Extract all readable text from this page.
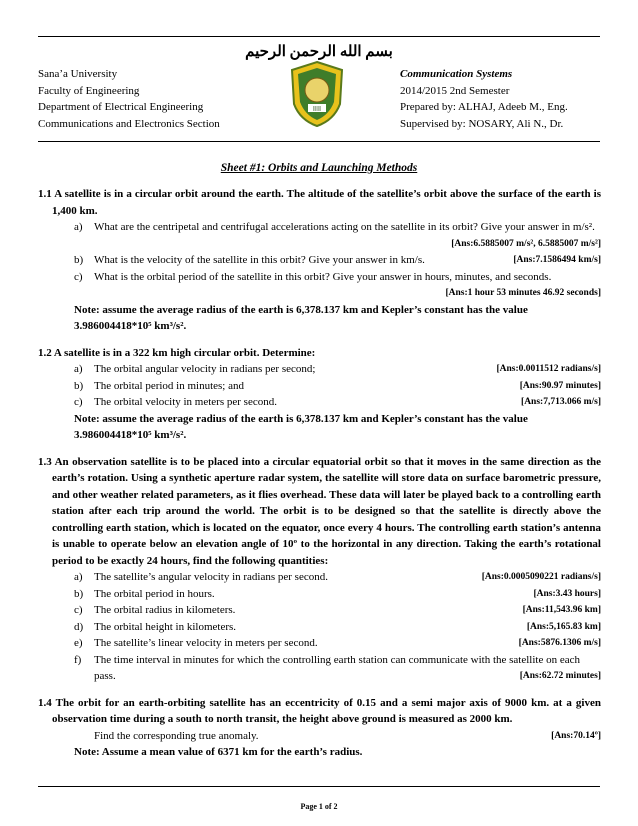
بسم الله الرحمن الرحيم
Sana’a University
Faculty of Engineering
Department of Electrical Engineering
Communications and Electronics Section
IIII
Communication Systems
2014/2015 2nd Semester
Prepared by: ALHAJ, Adeeb M., Eng.
Supervised by: NOSARY, Ali N., Dr.
Sheet #1: Orbits and Launching Methods
1.1 A satellite is in a circular orbit around the earth. The altitude of the satellite’s orbit above the surface of the earth is 1,400 km.
a)	What are the centripetal and centrifugal accelerations acting on the satellite in its orbit? Give your answer in m/s².
[Ans:6.5885007 m/s², 6.5885007 m/s²]
b) What is the velocity of the satellite in this orbit? Give your answer in km/s.	[Ans:7.1586494 km/s]
c)	What is the orbital period of the satellite in this orbit? Give your answer in hours, minutes, and seconds.
[Ans:1 hour 53 minutes 46.92 seconds]
Note: assume the average radius of the earth is 6,378.137 km and Kepler’s constant has the value 3.986004418*10⁵ km³/s².
1.2 A satellite is in a 322 km high circular orbit. Determine:
a)	The orbital angular velocity in radians per second;	[Ans:0.0011512 radians/s]
b) The orbital period in minutes; and	[Ans:90.97 minutes]
c)	The orbital velocity in meters per second.	[Ans:7,713.066 m/s]
Note: assume the average radius of the earth is 6,378.137 km and Kepler’s constant has the value 3.986004418*10⁵ km³/s².
1.3 An observation satellite is to be placed into a circular equatorial orbit so that it moves in the same direction as the earth’s rotation. Using a synthetic aperture radar system, the satellite will store data on surface barometric pressure, and other weather related parameters, as it flies overhead. These data will later be played back to a controlling earth station after each trip around the world. The orbit is to be designed so that the satellite is directly above the controlling earth station, which is located on the equator, once every 4 hours. The controlling earth station’s antenna is unable to operate below an elevation angle of 10º to the horizontal in any direction. Taking the earth’s rotational period to be exactly 24 hours, find the following quantities:
a)	The satellite’s angular velocity in radians per second.	[Ans:0.0005090221 radians/s]
b) The orbital period in hours.	[Ans:3.43 hours]
c)	The orbital radius in kilometers.	[Ans:11,543.96 km]
d) The orbital height in kilometers.	[Ans:5,165.83 km]
e)	The satellite’s linear velocity in meters per second.	[Ans:5876.1306 m/s]
f)	The time interval in minutes for which the controlling earth station can communicate with the satellite on each pass.	[Ans:62.72 minutes]
1.4 The orbit for an earth-orbiting satellite has an eccentricity of 0.15 and a semi major axis of 9000 km. at a given observation time during a south to north transit, the height above ground is measured as 2000 km.
Find the corresponding true anomaly.	[Ans:70.14º]
Note: Assume a mean value of 6371 km for the earth’s radius.
Page 1 of 2
